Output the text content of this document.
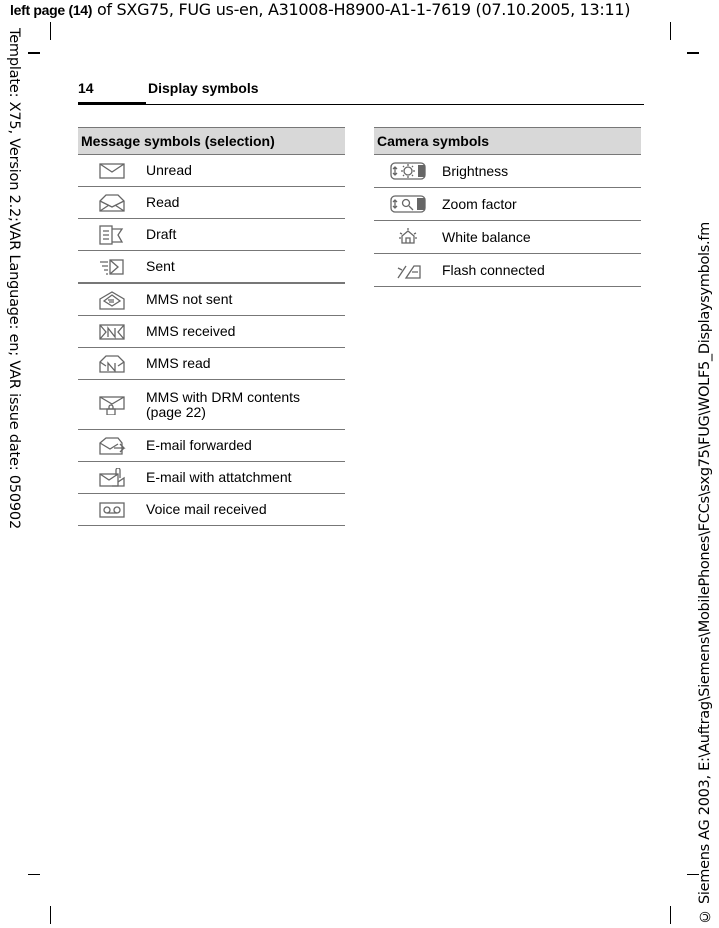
left page (14) of SXG75, FUG us-en, A31008-H8900-A1-1-7619 (07.10.2005, 13:11)
Template: X75, Version 2.2;VAR Language: en; VAR issue date: 050902	© Siemens AG 2003, E:\Auftrag\Siemens\MobilePhones\FCCs\sxg75\FUG\WOLF5_Displaysymbols.fm
14	Display symbols
Message symbols (selection)	

	Unread

	Read

	Draft

	Sent

	MMS not sent

	MMS received

	MMS read

	MMS with DRM contents
(page 22)

	E-mail forwarded

	E-mail with attatchment

	Voice mail received
Camera symbols	

	Brightness

	Zoom factor

	White balance

	Flash connected
